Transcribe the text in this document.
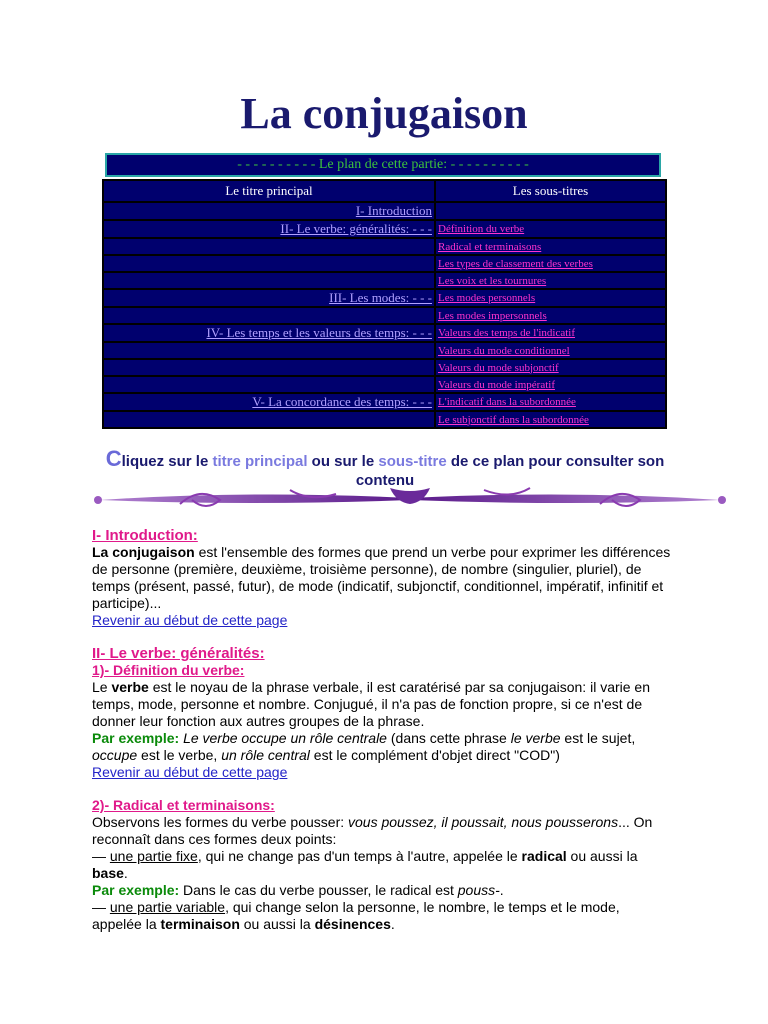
La conjugaison
- - - - - - - - - - Le plan de cette partie: - - - - - - - - - -
Le titre principal	Les sous-titres
I- Introduction	
II- Le verbe: généralités: - - -	Définition du verbe
	Radical et terminaisons
	Les types de classement des verbes
	Les voix et les tournures
III- Les modes: - - -	Les modes personnels
	Les modes impersonnels
IV- Les temps et les valeurs des temps: - - -	Valeurs des temps de l'indicatif
	Valeurs du mode conditionnel
	Valeurs du mode subjonctif
	Valeurs du mode impératif
V- La concordance des temps: - - -	L'indicatif dans la subordonnée
	Le subjonctif dans la subordonnée
Cliquez sur le titre principal ou sur le sous-titre de ce plan pour consulter son contenu

I- Introduction:

La conjugaison est l'ensemble des formes que prend un verbe pour exprimer les différences de personne (première, deuxième, troisième personne), de nombre (singulier, pluriel), de temps (présent, passé, futur), de mode (indicatif, subjonctif, conditionnel, impératif, infinitif et participe)...

Revenir au début de cette page

II- Le verbe: généralités:

1)- Définition du verbe:

Le verbe est le noyau de la phrase verbale, il est caratérisé par sa conjugaison: il varie en temps, mode, personne et nombre. Conjugué, il n'a pas de fonction propre, si ce n'est de donner leur fonction aux autres groupes de la phrase.

Par exemple: Le verbe occupe un rôle centrale (dans cette phrase le verbe est le sujet, occupe est le verbe, un rôle central est le complément d'objet direct "COD")

Revenir au début de cette page

2)- Radical et terminaisons:

Observons les formes du verbe pousser: vous poussez, il poussait, nous pousserons... On reconnaît dans ces formes deux points:

— une partie fixe, qui ne change pas d'un temps à l'autre, appelée le radical ou aussi la base.

Par exemple: Dans le cas du verbe pousser, le radical est pouss-.

— une partie variable, qui change selon la personne, le nombre, le temps et le mode, appelée la terminaison ou aussi la désinences.
